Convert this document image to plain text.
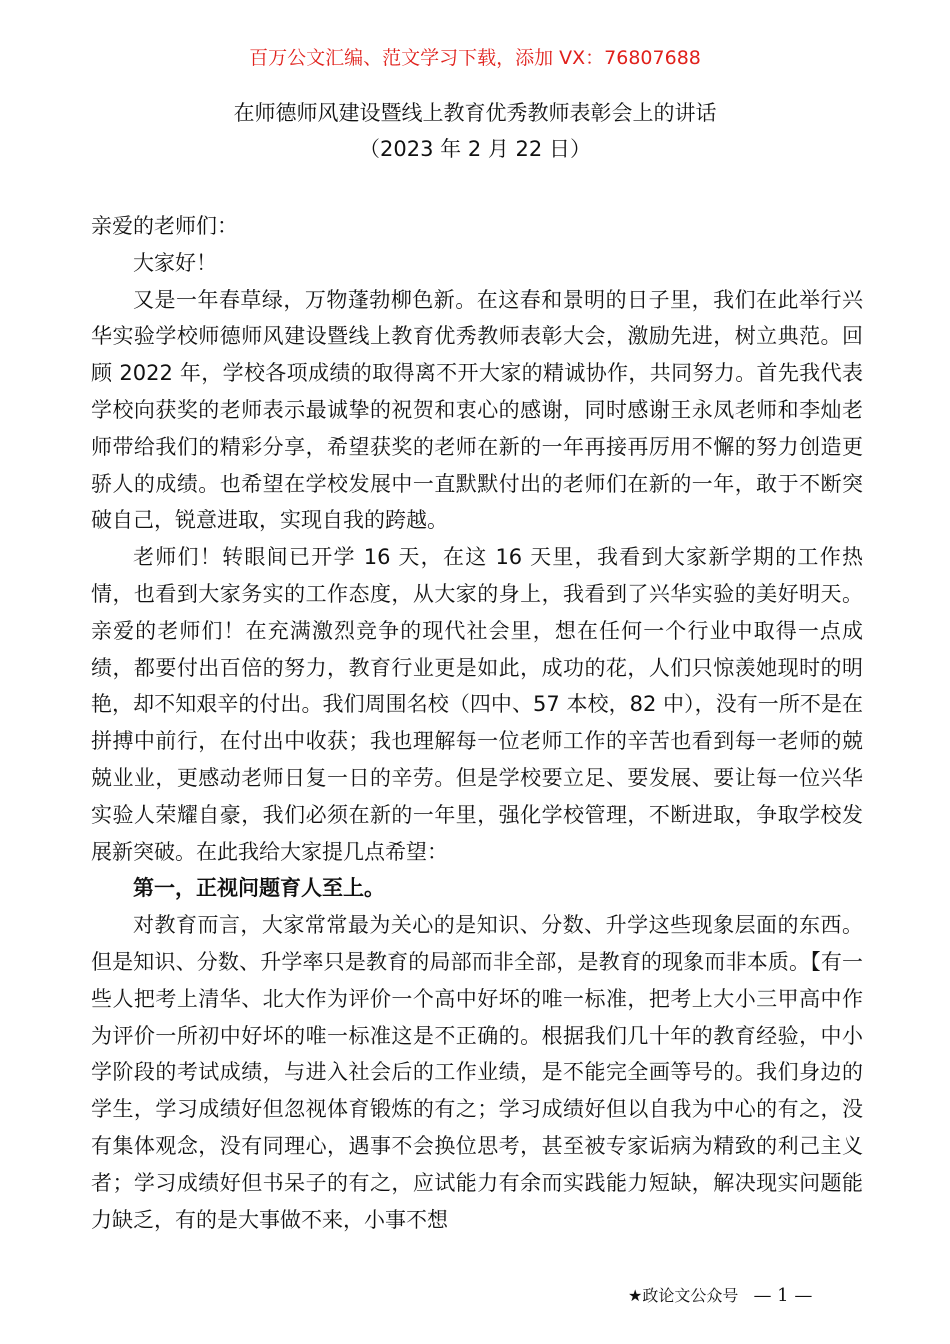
百万公文汇编、范文学习下载，添加 VX：76807688
在师德师风建设暨线上教育优秀教师表彰会上的讲话
（2023 年 2 月 22 日）

亲爱的老师们：

大家好！

又是一年春草绿，万物蓬勃柳色新。在这春和景明的日子里，我们在此举行兴华实验学校师德师风建设暨线上教育优秀教师表彰大会，激励先进，树立典范。回顾 2022 年，学校各项成绩的取得离不开大家的精诚协作，共同努力。首先我代表学校向获奖的老师表示最诚挚的祝贺和衷心的感谢，同时感谢王永凤老师和李灿老师带给我们的精彩分享，希望获奖的老师在新的一年再接再厉用不懈的努力创造更骄人的成绩。也希望在学校发展中一直默默付出的老师们在新的一年，敢于不断突破自己，锐意进取，实现自我的跨越。

老师们！转眼间已开学 16 天，在这 16 天里，我看到大家新学期的工作热情，也看到大家务实的工作态度，从大家的身上，我看到了兴华实验的美好明天。亲爱的老师们！在充满激烈竞争的现代社会里，想在任何一个行业中取得一点成绩，都要付出百倍的努力，教育行业更是如此，成功的花，人们只惊羡她现时的明艳，却不知艰辛的付出。我们周围名校（四中、57 本校，82 中），没有一所不是在拼搏中前行，在付出中收获；我也理解每一位老师工作的辛苦也看到每一老师的兢兢业业，更感动老师日复一日的辛劳。但是学校要立足、要发展、要让每一位兴华实验人荣耀自豪，我们必须在新的一年里，强化学校管理，不断进取，争取学校发展新突破。在此我给大家提几点希望：

第一，正视问题育人至上。

对教育而言，大家常常最为关心的是知识、分数、升学这些现象层面的东西。但是知识、分数、升学率只是教育的局部而非全部，是教育的现象而非本质。【有一些人把考上清华、北大作为评价一个高中好坏的唯一标准，把考上大小三甲高中作为评价一所初中好坏的唯一标准这是不正确的。根据我们几十年的教育经验，中小学阶段的考试成绩，与进入社会后的工作业绩，是不能完全画等号的。我们身边的学生，学习成绩好但忽视体育锻炼的有之；学习成绩好但以自我为中心的有之，没有集体观念，没有同理心，遇事不会换位思考，甚至被专家诟病为精致的利己主义者；学习成绩好但书呆子的有之，应试能力有余而实践能力短缺，解决现实问题能力缺乏，有的是大事做不来，小事不想

★政论文公众号 — 1 —
